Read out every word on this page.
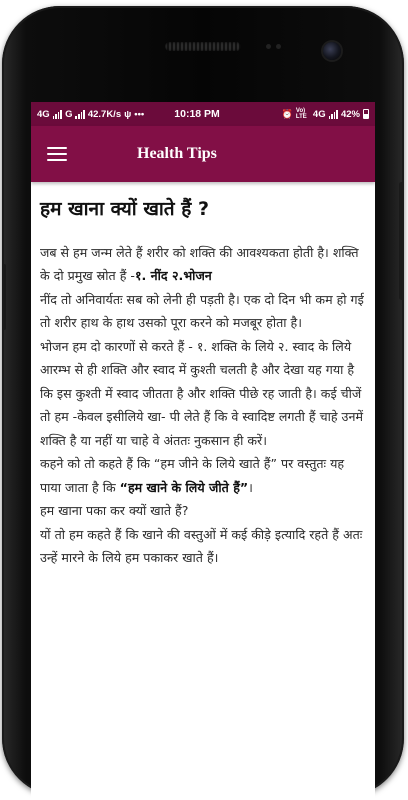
4G G 42.7K/s ψ •••	10:18 PM	⏰ Vo) LTE 4G 42%
Health Tips
हम खाना क्यों खाते हैं ?

जब से हम जन्म लेते हैं शरीर को शक्ति की आवश्यकता होती है। शक्ति के दो प्रमुख स्रोत हैं -१. नींद २.भोजन

नींद तो अनिवार्यतः सब को लेनी ही पड़ती है। एक दो दिन भी कम हो गई तो शरीर हाथ के हाथ उसको पूरा करने को मजबूर होता है।

भोजन हम दो कारणों से करते हैं - १. शक्ति के लिये २. स्वाद के लिये

आरम्भ से ही शक्ति और स्वाद में कुश्ती चलती है और देखा यह गया है कि इस कुश्ती में स्वाद जीतता है और शक्ति पीछे रह जाती है। कई चीजें तो हम -केवल इसीलिये खा- पी लेते हैं कि वे स्वादिष्ट लगती हैं चाहे उनमें शक्ति है या नहीं या चाहे वे अंततः नुकसान ही करें।

कहने को तो कहते हैं कि “हम जीने के लिये खाते हैं” पर वस्तुतः यह पाया जाता है कि “हम खाने के लिये जीते हैं”।

हम खाना पका कर क्यों खाते हैं?

यों तो हम कहते हैं कि खाने की वस्तुओं में कई कीड़े इत्यादि रहते हैं अतः उन्हें मारने के लिये हम पकाकर खाते हैं।
